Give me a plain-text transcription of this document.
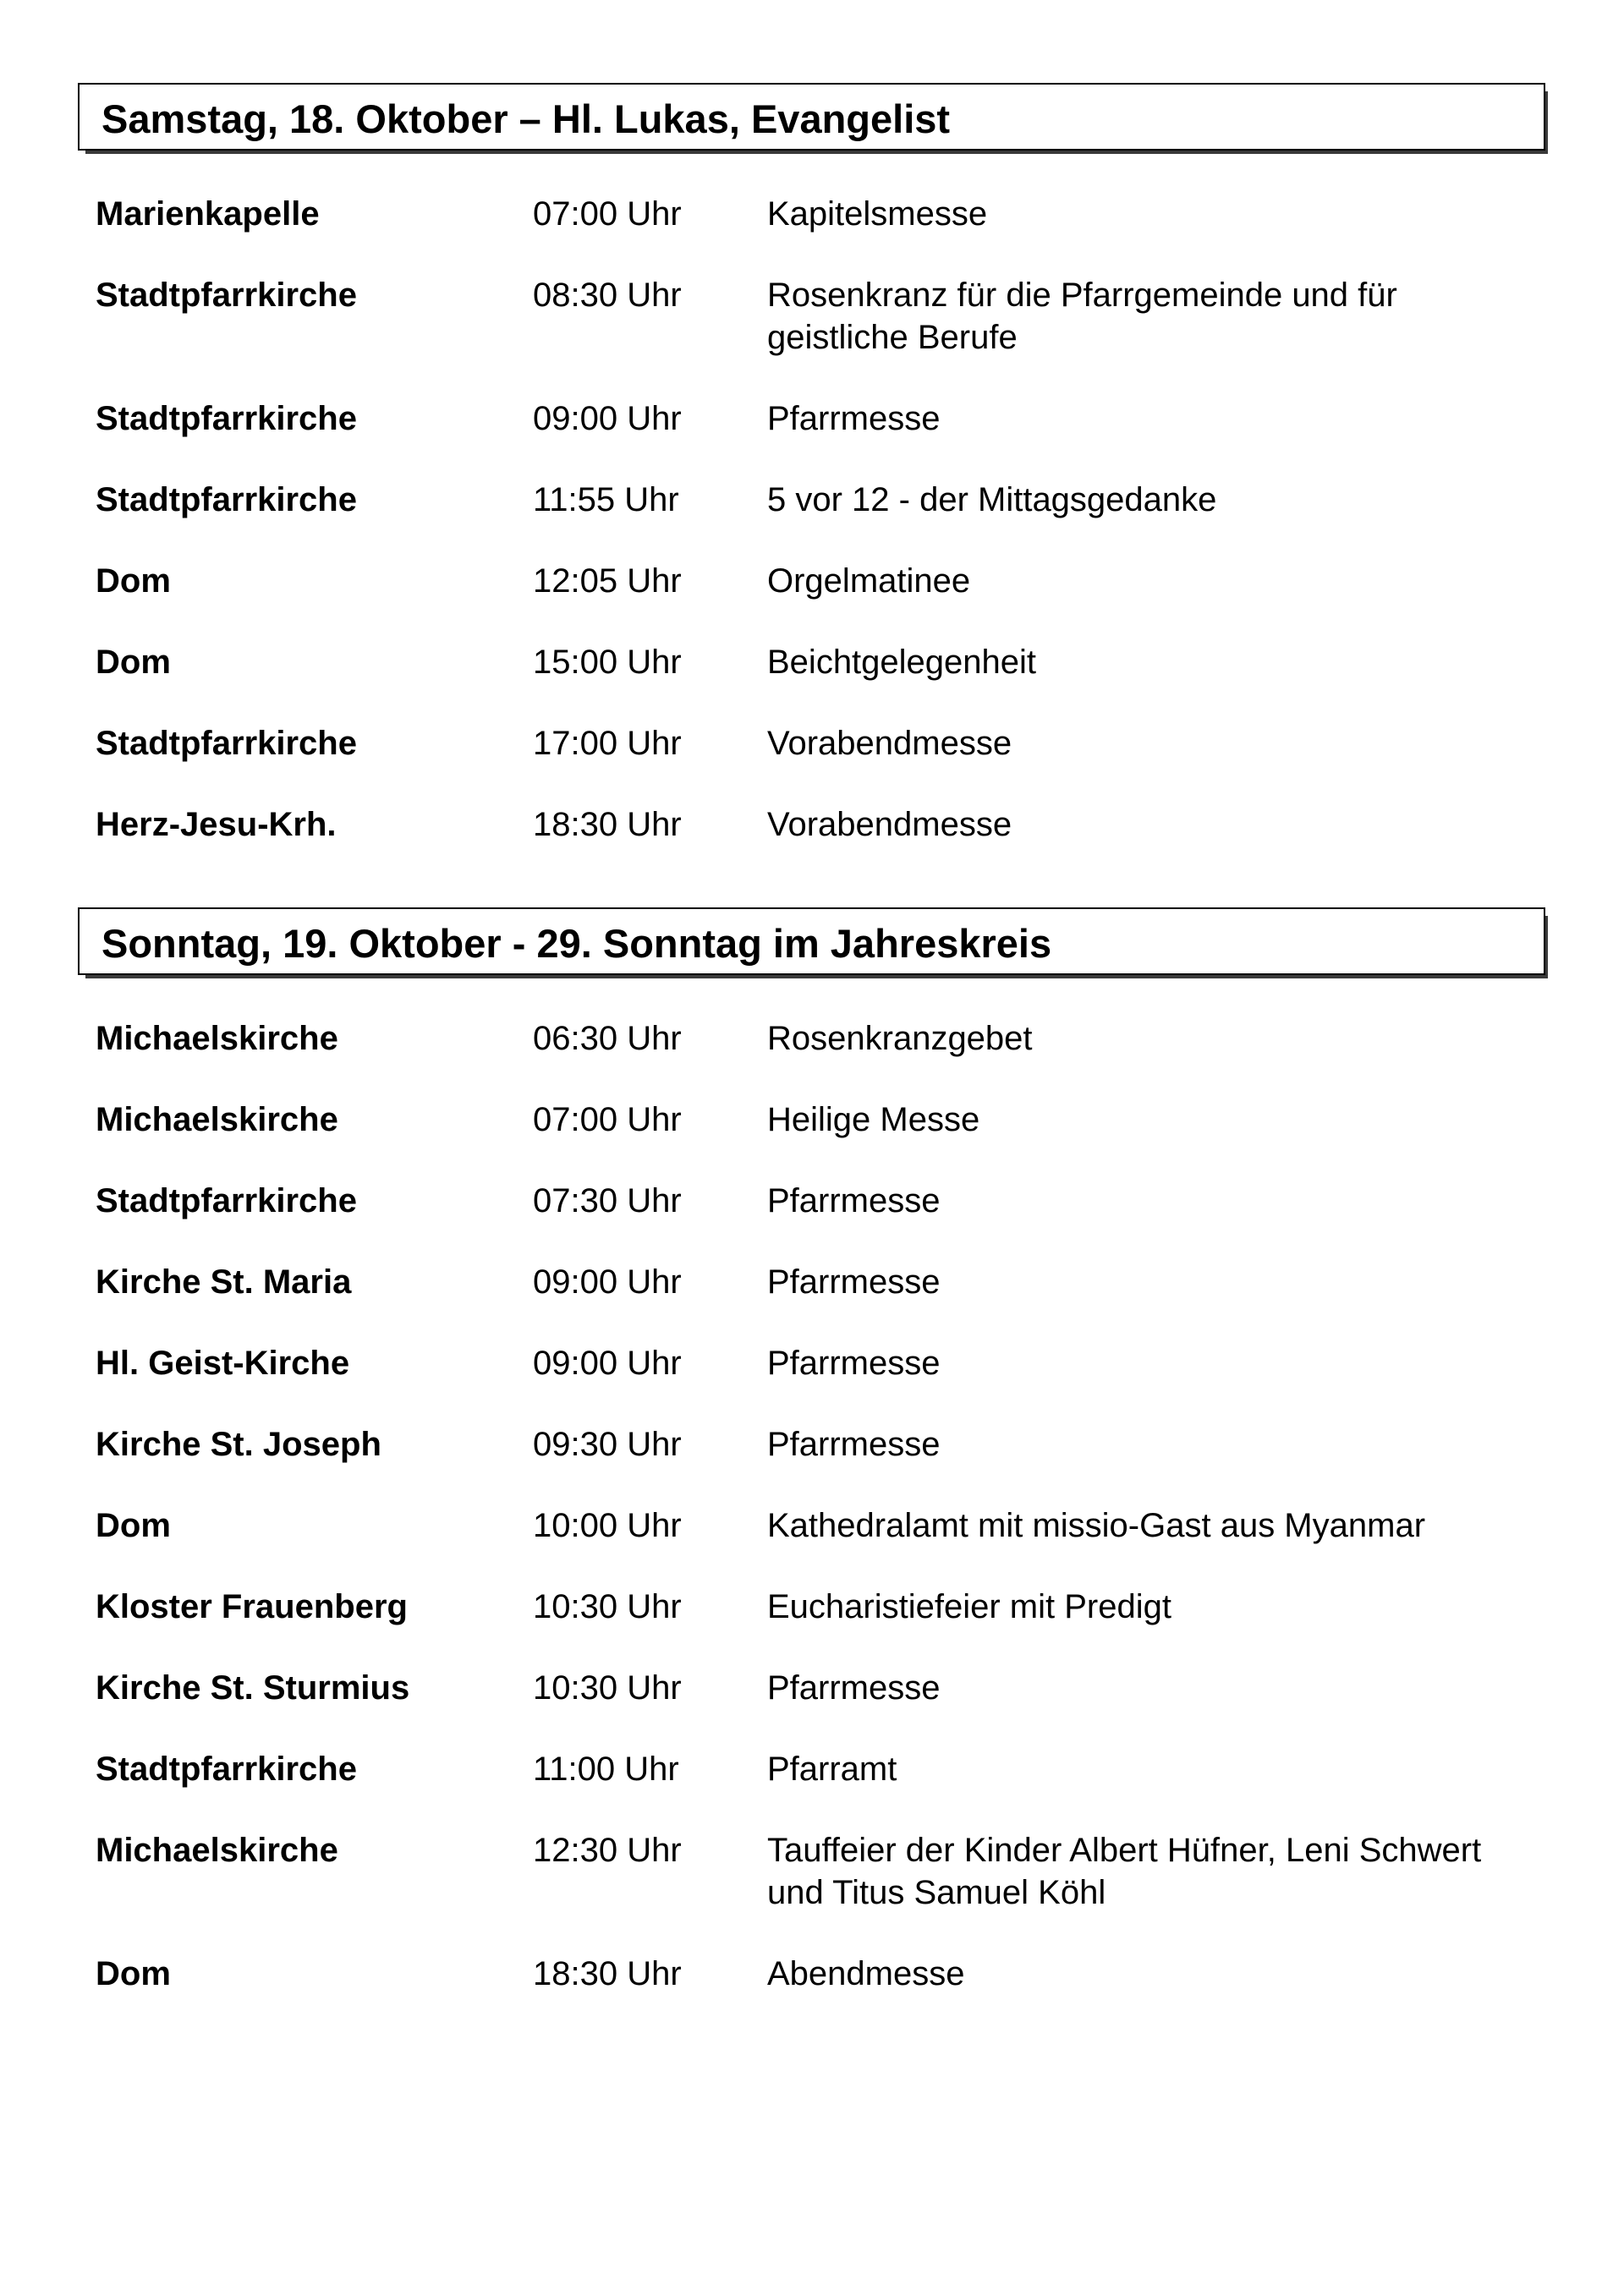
Samstag, 18. Oktober – Hl. Lukas, Evangelist
Marienkapelle	07:00 Uhr	Kapitelsmesse
Stadtpfarrkirche	08:30 Uhr	Rosenkranz für die Pfarrgemeinde und für geistliche Berufe
Stadtpfarrkirche	09:00 Uhr	Pfarrmesse
Stadtpfarrkirche	11:55 Uhr	5 vor 12 - der Mittagsgedanke
Dom	12:05 Uhr	Orgelmatinee
Dom	15:00 Uhr	Beichtgelegenheit
Stadtpfarrkirche	17:00 Uhr	Vorabendmesse
Herz-Jesu-Krh.	18:30 Uhr	Vorabendmesse
Sonntag, 19. Oktober - 29. Sonntag im Jahreskreis
Michaelskirche	06:30 Uhr	Rosenkranzgebet
Michaelskirche	07:00 Uhr	Heilige Messe
Stadtpfarrkirche	07:30 Uhr	Pfarrmesse
Kirche St. Maria	09:00 Uhr	Pfarrmesse
Hl. Geist-Kirche	09:00 Uhr	Pfarrmesse
Kirche St. Joseph	09:30 Uhr	Pfarrmesse
Dom	10:00 Uhr	Kathedralamt mit missio-Gast aus Myanmar
Kloster Frauenberg	10:30 Uhr	Eucharistiefeier mit Predigt
Kirche St. Sturmius	10:30 Uhr	Pfarrmesse
Stadtpfarrkirche	11:00 Uhr	Pfarramt
Michaelskirche	12:30 Uhr	Tauffeier der Kinder Albert Hüfner, Leni Schwert und Titus Samuel Köhl
Dom	18:30 Uhr	Abendmesse
